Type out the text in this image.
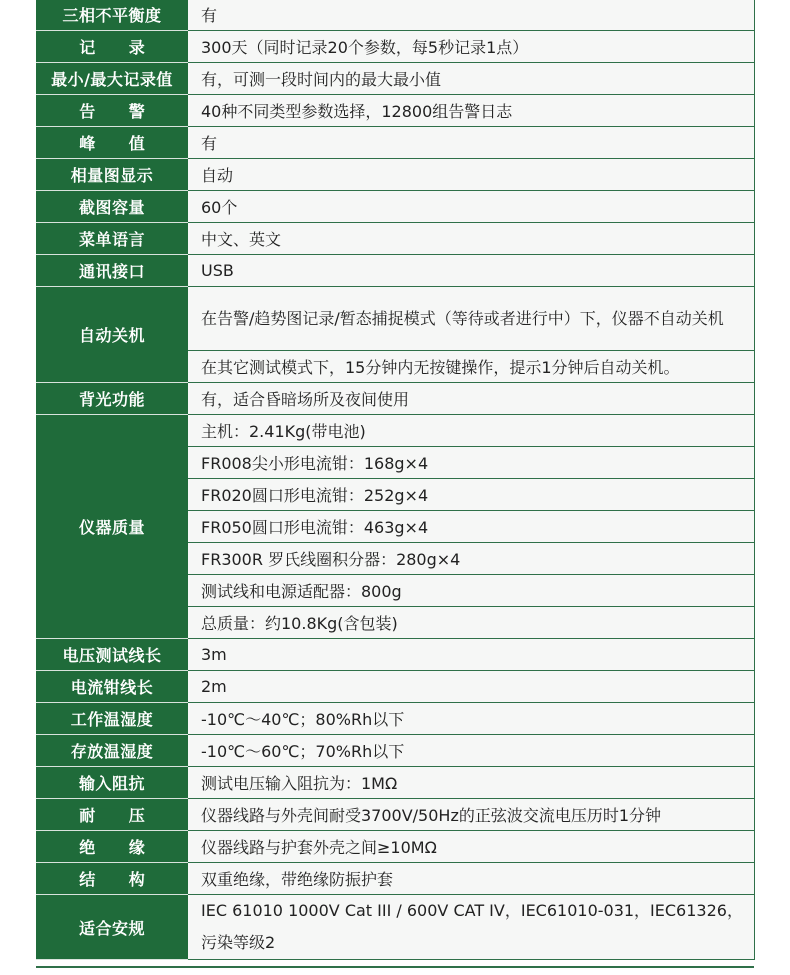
三相不平衡度	有
记 录	300天（同时记录20个参数，每5秒记录1点）
最小/最大记录值	有，可测一段时间内的最大最小值
告 警	40种不同类型参数选择，12800组告警日志
峰 值	有
相量图显示	自动
截图容量	60个
菜单语言	中文、英文
通讯接口	USB
自动关机	在告警/趋势图记录/暂态捕捉模式（等待或者进行中）下，仪器不自动关机
	在其它测试模式下，15分钟内无按键操作，提示1分钟后自动关机。
背光功能	有，适合昏暗场所及夜间使用
仪器质量	主机：2.41Kg(带电池)
	FR008尖小形电流钳：168g×4
	FR020圆口形电流钳：252g×4
	FR050圆口形电流钳：463g×4
	FR300R 罗氏线圈积分器：280g×4
	测试线和电源适配器：800g
	总质量：约10.8Kg(含包装)
电压测试线长	3m
电流钳线长	2m
工作温湿度	-10℃～40℃；80%Rh以下
存放温湿度	-10℃～60℃；70%Rh以下
输入阻抗	测试电压输入阻抗为：1MΩ
耐 压	仪器线路与外壳间耐受3700V/50Hz的正弦波交流电压历时1分钟
绝 缘	仪器线路与护套外壳之间≥10MΩ
结 构	双重绝缘，带绝缘防振护套
适合安规	IEC 61010 1000V Cat III / 600V CAT IV，IEC61010-031，IEC61326，污染等级2
